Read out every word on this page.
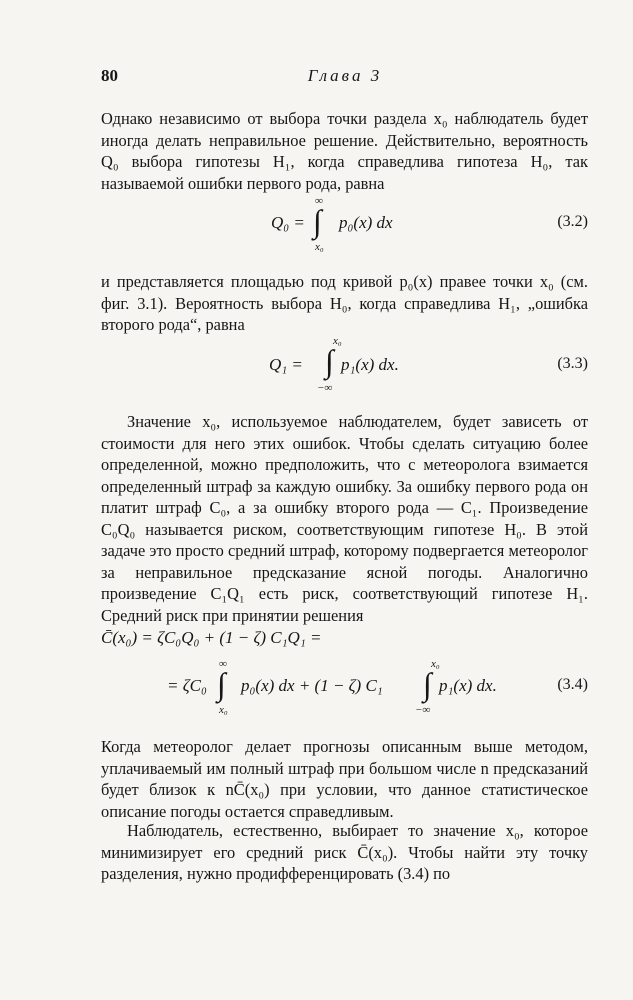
80	Глава 3

Однако независимо от выбора точки раздела x₀ наблюдатель будет иногда делать неправильное решение. Действительно, вероятность Q₀ выбора гипотезы H₁, когда справедлива гипотеза H₀, так называемой ошибки первого рода, равна

Q₀ =
∞
∫
x₀
p₀(x) dx	(3.2)

и представляется площадью под кривой p₀(x) правее точки x₀ (см. фиг. 3.1). Вероятность выбора H₀, когда справедлива H₁, „ошибка второго рода“, равна

Q₁ =
x₀
∫
−∞
p₁(x) dx.	(3.3)

Значение x₀, используемое наблюдателем, будет зависеть от стоимости для него этих ошибок. Чтобы сделать ситуацию более определенной, можно предположить, что с метеоролога взимается определенный штраф за каждую ошибку. За ошибку первого рода он платит штраф C₀, а за ошибку второго рода — C₁. Произведение C₀Q₀ называется риском, соответствующим гипотезе H₀. В этой задаче это просто средний штраф, которому подвергается метеоролог за неправильное предсказание ясной погоды. Аналогично произведение C₁Q₁ есть риск, соответствующий гипотезе H₁. Средний риск при принятии решения

C̄(x₀) = ζC₀Q₀ + (1 − ζ) C₁Q₁ =
= ζC₀
∞
∫
x₀
p₀(x) dx + (1 − ζ) C₁
x₀
∫
−∞
p₁(x) dx.	(3.4)

Когда метеоролог делает прогнозы описанным выше методом, уплачиваемый им полный штраф при большом числе n предсказаний будет близок к nC̄(x₀) при условии, что данное статистическое описание погоды остается справедливым.

Наблюдатель, естественно, выбирает то значение x₀, которое минимизирует его средний риск C̄(x₀). Чтобы найти эту точку разделения, нужно продифференцировать (3.4) по
